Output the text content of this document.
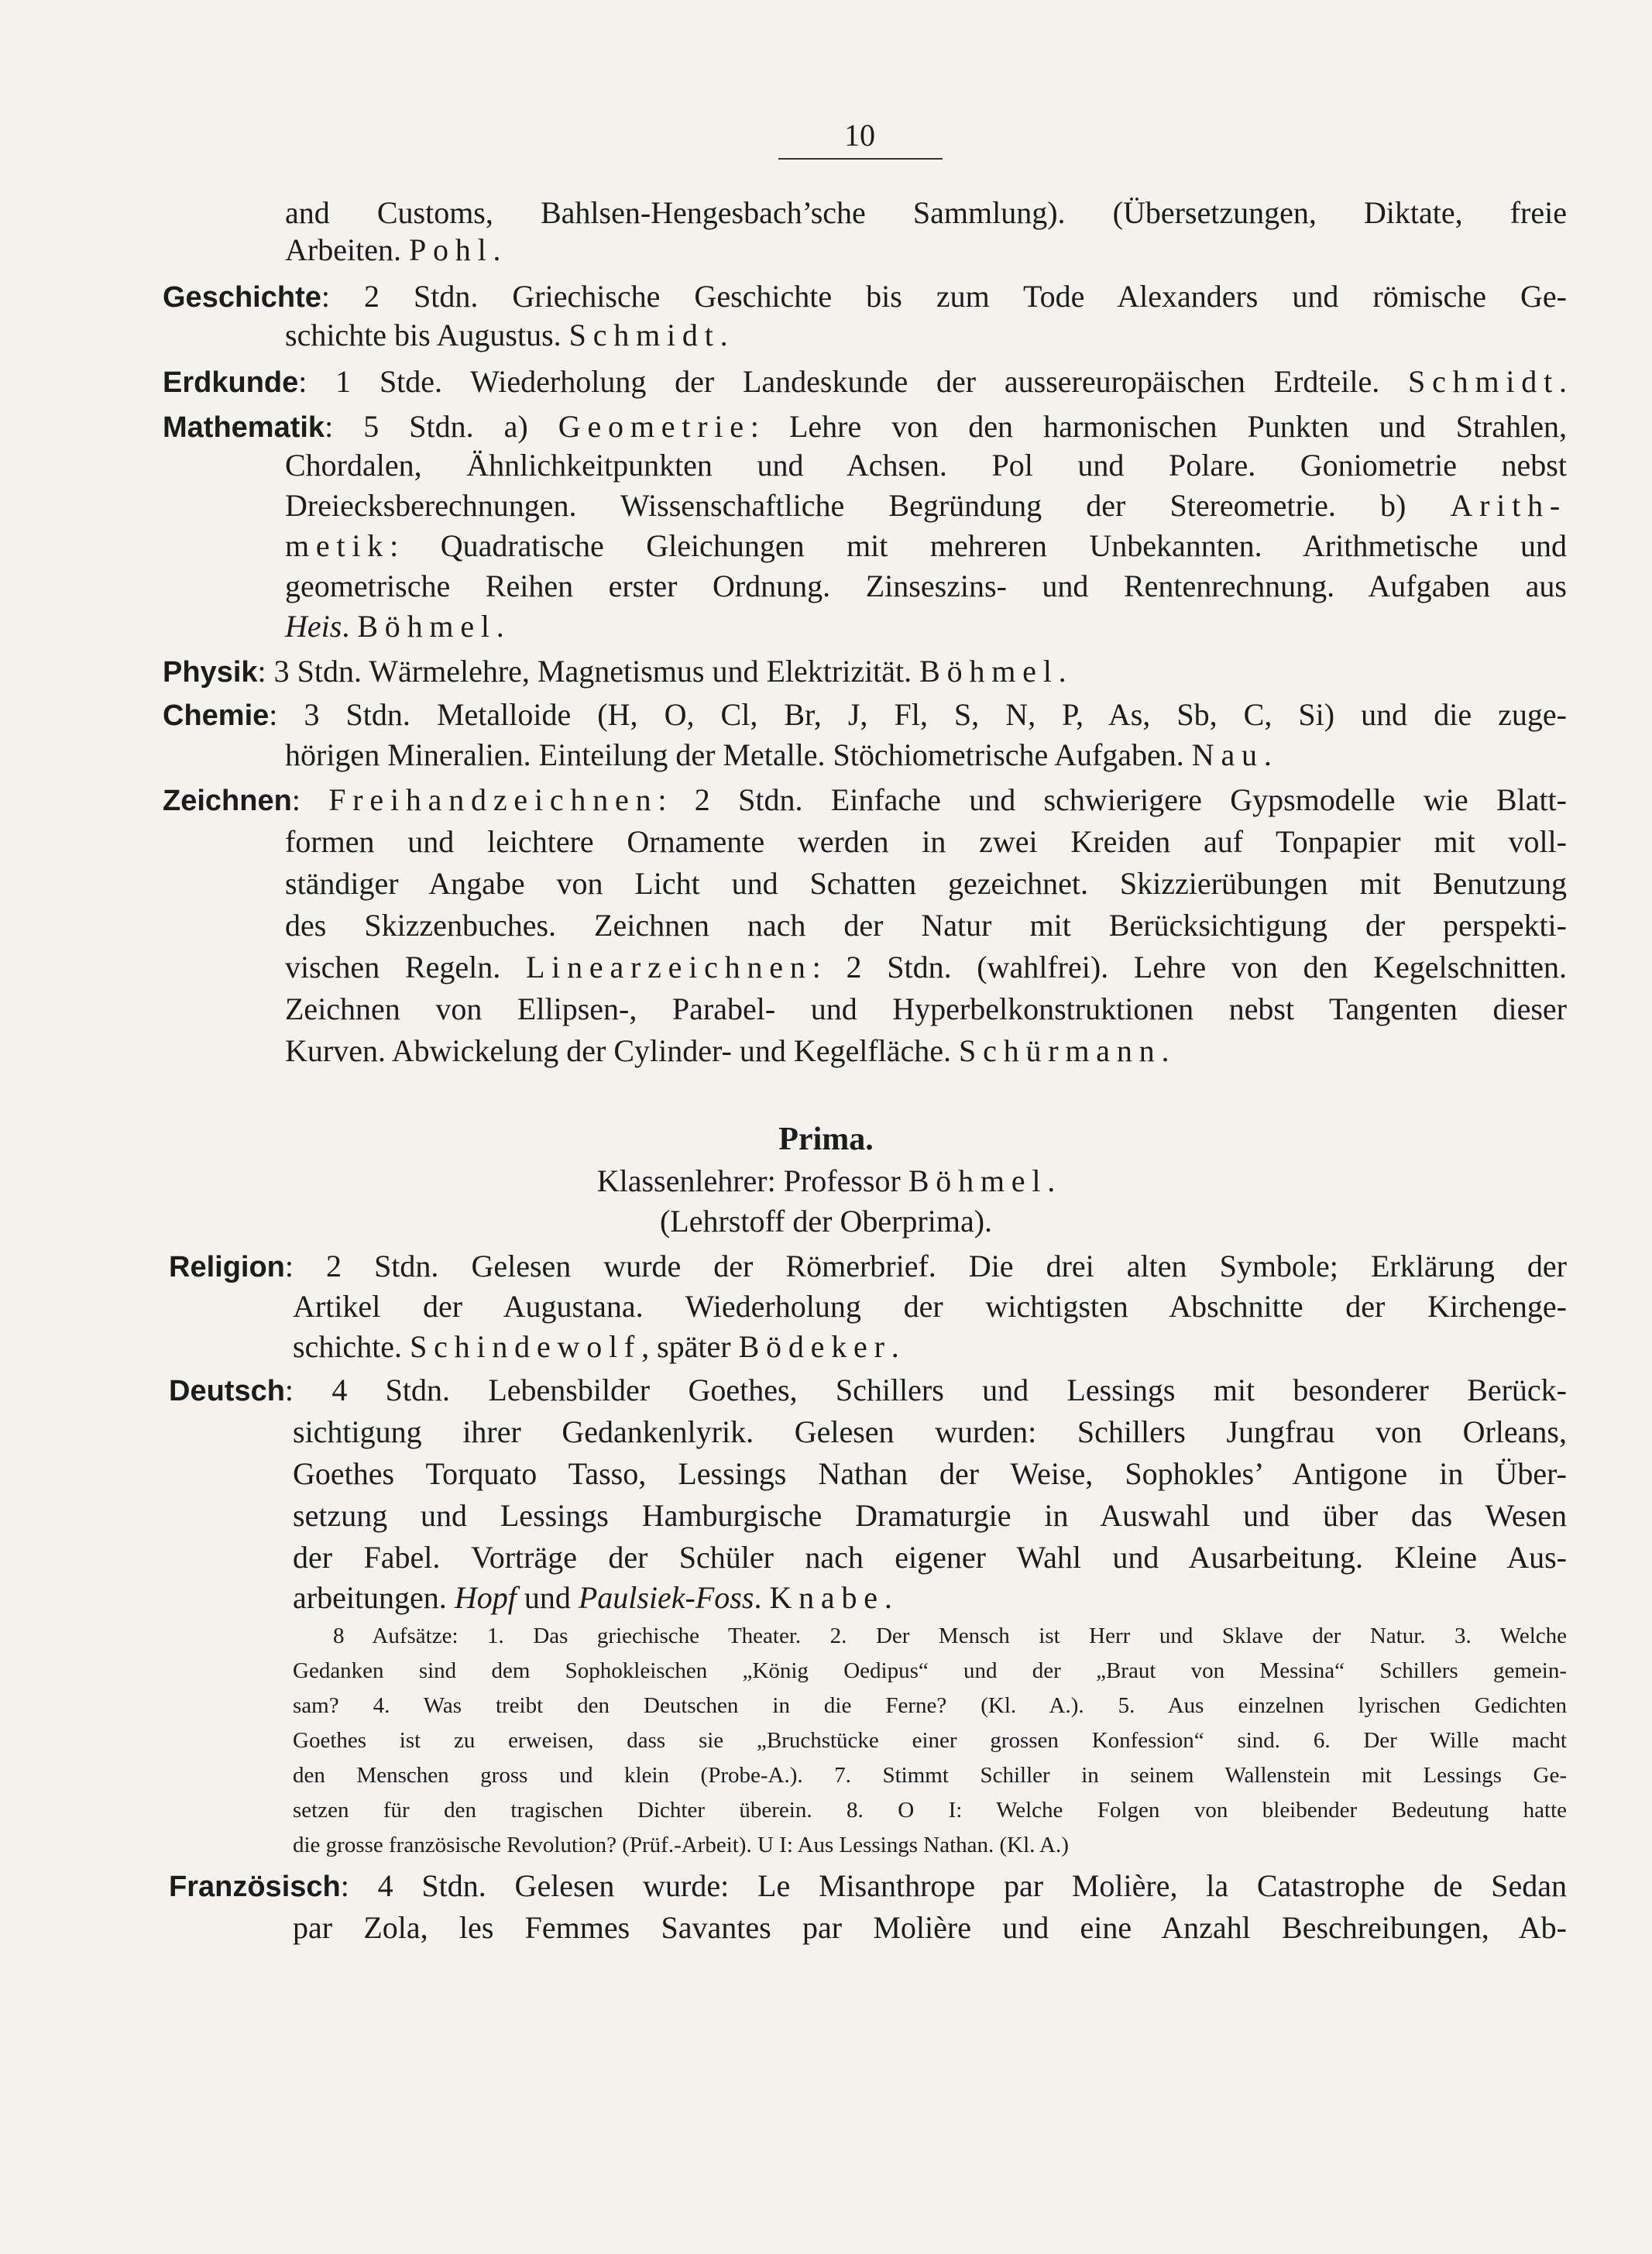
10
and Customs, Bahlsen-Hengesbach’sche Sammlung). (Übersetzungen, Diktate, freie
Arbeiten. Pohl.
Geschichte: 2 Stdn. Griechische Geschichte bis zum Tode Alexanders und römische Ge-
schichte bis Augustus. Schmidt.
Erdkunde: 1 Stde. Wiederholung der Landeskunde der aussereuropäischen Erdteile. Schmidt.
Mathematik: 5 Stdn. a) Geometrie: Lehre von den harmonischen Punkten und Strahlen,
Chordalen, Ähnlichkeitpunkten und Achsen. Pol und Polare. Goniometrie nebst
Dreiecksberechnungen. Wissenschaftliche Begründung der Stereometrie. b) Arith-
metik: Quadratische Gleichungen mit mehreren Unbekannten. Arithmetische und
geometrische Reihen erster Ordnung. Zinseszins- und Rentenrechnung. Aufgaben aus
Heis. Böhmel.
Physik: 3 Stdn. Wärmelehre, Magnetismus und Elektrizität. Böhmel.
Chemie: 3 Stdn. Metalloide (H, O, Cl, Br, J, Fl, S, N, P, As, Sb, C, Si) und die zuge-
hörigen Mineralien. Einteilung der Metalle. Stöchiometrische Aufgaben. Nau.
Zeichnen: Freihandzeichnen: 2 Stdn. Einfache und schwierigere Gypsmodelle wie Blatt-
formen und leichtere Ornamente werden in zwei Kreiden auf Tonpapier mit voll-
ständiger Angabe von Licht und Schatten gezeichnet. Skizzierübungen mit Benutzung
des Skizzenbuches. Zeichnen nach der Natur mit Berücksichtigung der perspekti-
vischen Regeln. Linearzeichnen: 2 Stdn. (wahlfrei). Lehre von den Kegelschnitten.
Zeichnen von Ellipsen-, Parabel- und Hyperbelkonstruktionen nebst Tangenten dieser
Kurven. Abwickelung der Cylinder- und Kegelfläche. Schürmann.
Prima.
Klassenlehrer: Professor Böhmel.
(Lehrstoff der Oberprima).
Religion: 2 Stdn. Gelesen wurde der Römerbrief. Die drei alten Symbole; Erklärung der
Artikel der Augustana. Wiederholung der wichtigsten Abschnitte der Kirchenge-
schichte. Schindewolf, später Bödeker.
Deutsch: 4 Stdn. Lebensbilder Goethes, Schillers und Lessings mit besonderer Berück-
sichtigung ihrer Gedankenlyrik. Gelesen wurden: Schillers Jungfrau von Orleans,
Goethes Torquato Tasso, Lessings Nathan der Weise, Sophokles’ Antigone in Über-
setzung und Lessings Hamburgische Dramaturgie in Auswahl und über das Wesen
der Fabel. Vorträge der Schüler nach eigener Wahl und Ausarbeitung. Kleine Aus-
arbeitungen. Hopf und Paulsiek-Foss. Knabe.
8 Aufsätze: 1. Das griechische Theater. 2. Der Mensch ist Herr und Sklave der Natur. 3. Welche
Gedanken sind dem Sophokleischen „König Oedipus“ und der „Braut von Messina“ Schillers gemein-
sam? 4. Was treibt den Deutschen in die Ferne? (Kl. A.). 5. Aus einzelnen lyrischen Gedichten
Goethes ist zu erweisen, dass sie „Bruchstücke einer grossen Konfession“ sind. 6. Der Wille macht
den Menschen gross und klein (Probe-A.). 7. Stimmt Schiller in seinem Wallenstein mit Lessings Ge-
setzen für den tragischen Dichter überein. 8. O I: Welche Folgen von bleibender Bedeutung hatte
die grosse französische Revolution? (Prüf.-Arbeit). U I: Aus Lessings Nathan. (Kl. A.)
Französisch: 4 Stdn. Gelesen wurde: Le Misanthrope par Molière, la Catastrophe de Sedan
par Zola, les Femmes Savantes par Molière und eine Anzahl Beschreibungen, Ab-
